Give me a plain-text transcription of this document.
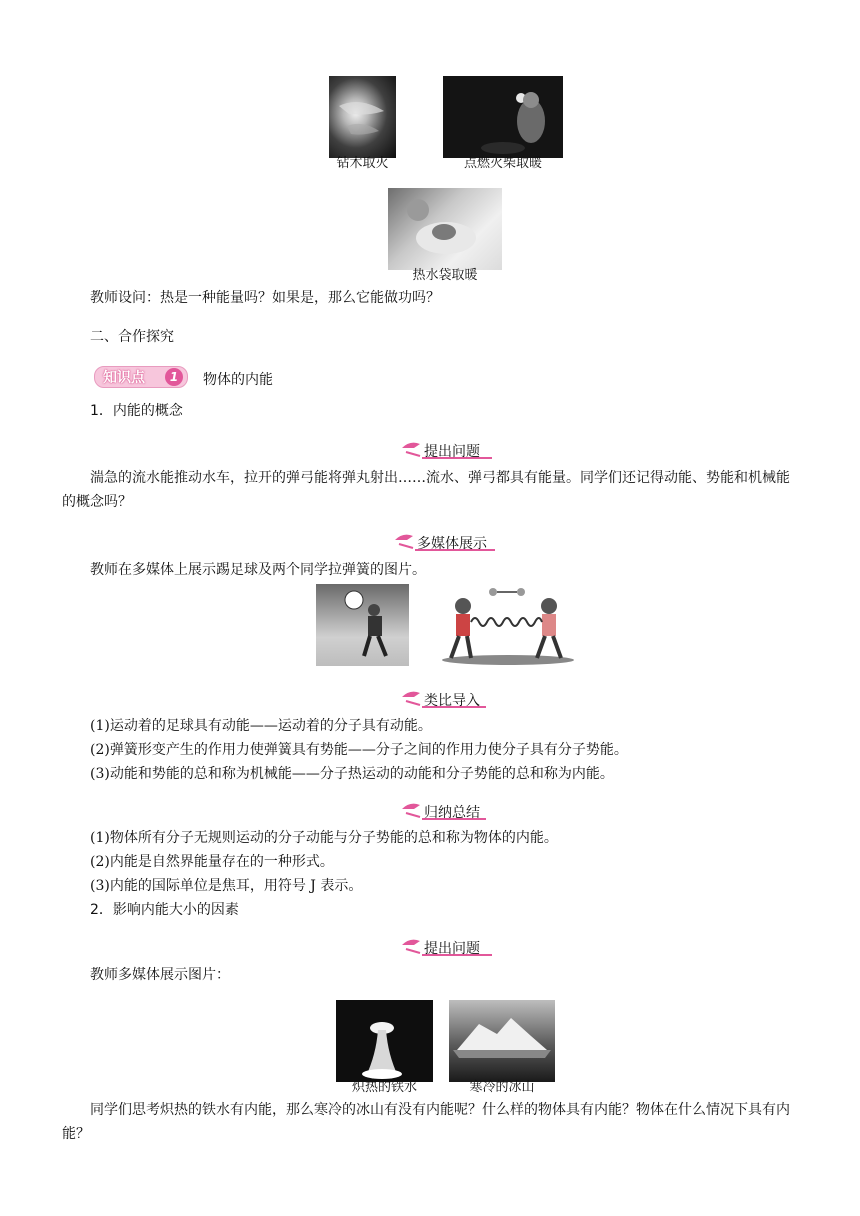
钻木取火	点燃火柴取暖
热水袋取暖
教师设问：热是一种能量吗？如果是，那么它能做功吗？
二、合作探究
知识点	1	物体的内能
1．内能的概念
提出问题
湍急的流水能推动水车，拉开的弹弓能将弹丸射出……流水、弹弓都具有能量。同学们还记得动能、势能和机械能的概念吗？
多媒体展示
教师在多媒体上展示踢足球及两个同学拉弹簧的图片。
类比导入
(1)运动着的足球具有动能——运动着的分子具有动能。
(2)弹簧形变产生的作用力使弹簧具有势能——分子之间的作用力使分子具有分子势能。
(3)动能和势能的总和称为机械能——分子热运动的动能和分子势能的总和称为内能。
归纳总结
(1)物体所有分子无规则运动的分子动能与分子势能的总和称为物体的内能。
(2)内能是自然界能量存在的一种形式。
(3)内能的国际单位是焦耳，用符号 J 表示。
2．影响内能大小的因素
提出问题
教师多媒体展示图片：
炽热的铁水	寒冷的冰山
同学们思考炽热的铁水有内能，那么寒冷的冰山有没有内能呢？什么样的物体具有内能？物体在什么情况下具有内能？
